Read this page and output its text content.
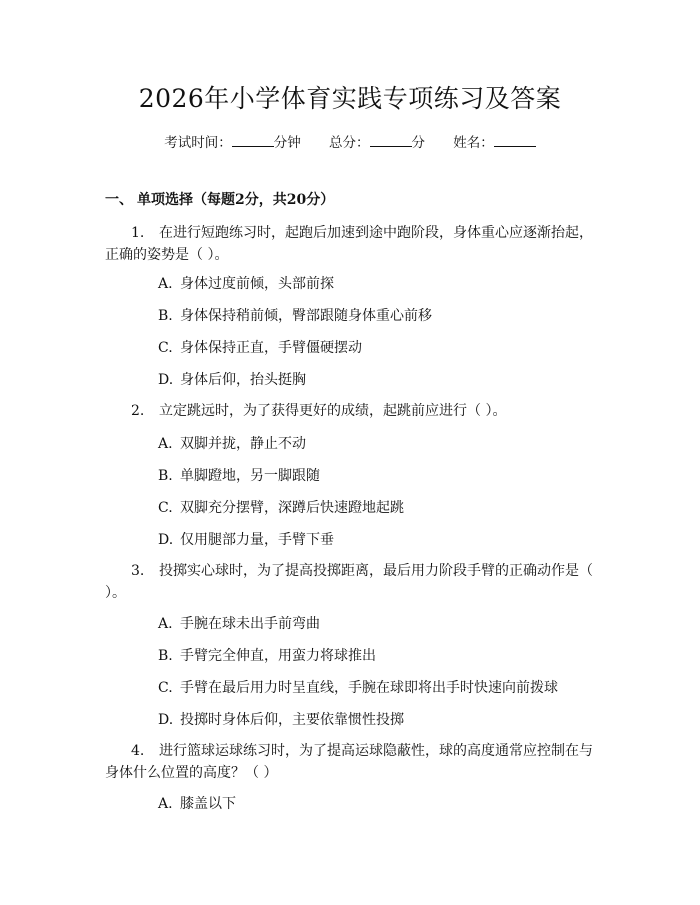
2026年小学体育实践专项练习及答案
考试时间：	分钟 总分：	分 姓名：
一、 单项选择（每题2分，共20分）
1. 在进行短跑练习时，起跑后加速到途中跑阶段，身体重心应逐渐抬起，正确的姿势是（ ）。
A. 身体过度前倾，头部前探
B. 身体保持稍前倾，臀部跟随身体重心前移
C. 身体保持正直，手臂僵硬摆动
D. 身体后仰，抬头挺胸
2. 立定跳远时，为了获得更好的成绩，起跳前应进行（ ）。
A. 双脚并拢，静止不动
B. 单脚蹬地，另一脚跟随
C. 双脚充分摆臂，深蹲后快速蹬地起跳
D. 仅用腿部力量，手臂下垂
3. 投掷实心球时，为了提高投掷距离，最后用力阶段手臂的正确动作是（ ）。
A. 手腕在球未出手前弯曲
B. 手臂完全伸直，用蛮力将球推出
C. 手臂在最后用力时呈直线，手腕在球即将出手时快速向前拨球
D. 投掷时身体后仰，主要依靠惯性投掷
4. 进行篮球运球练习时，为了提高运球隐蔽性，球的高度通常应控制在与身体什么位置的高度？（ ）
A. 膝盖以下
